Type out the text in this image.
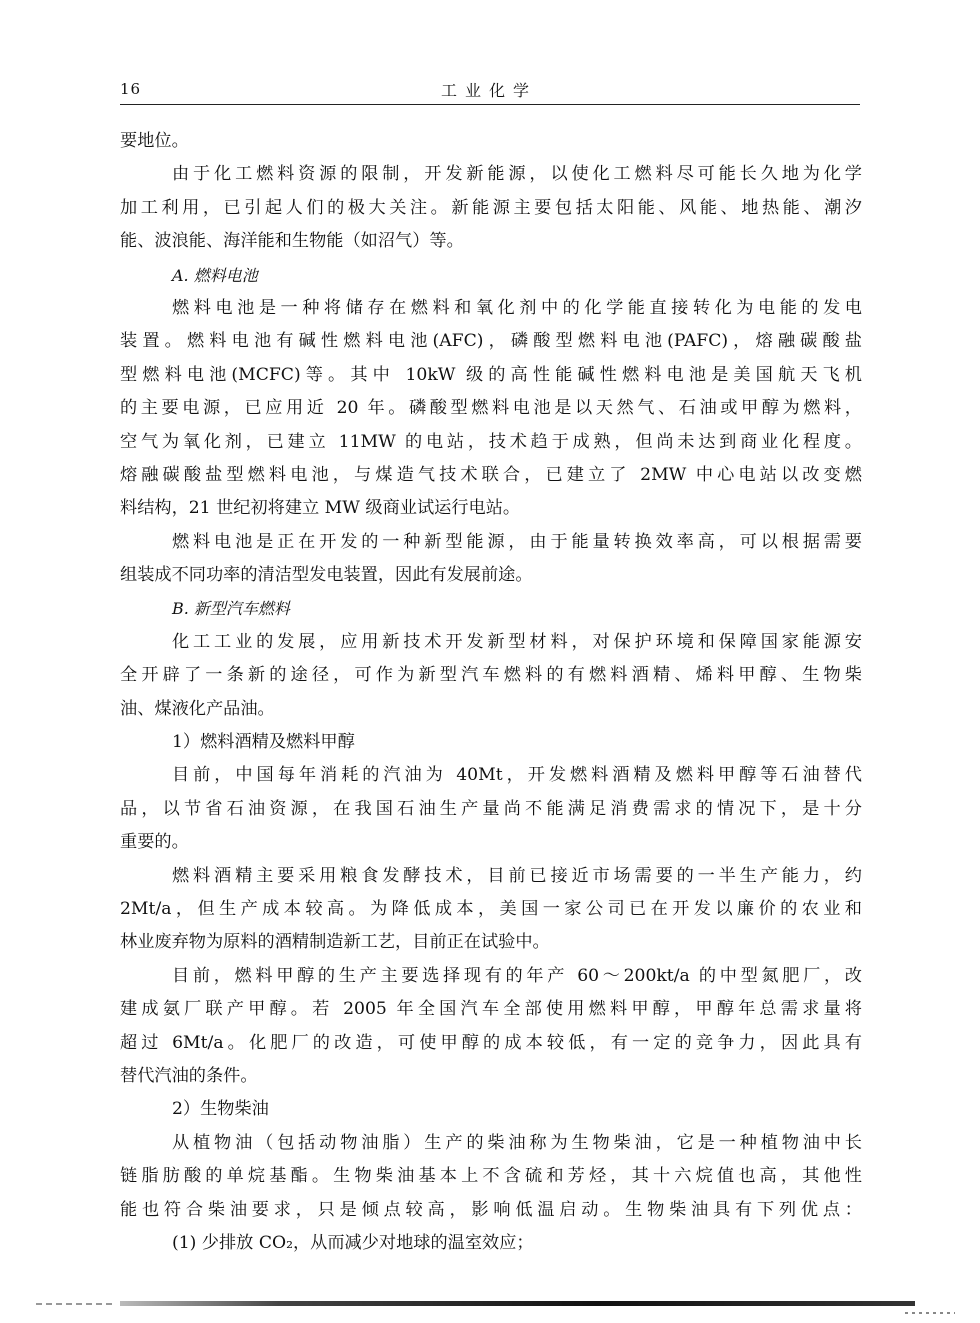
16	工业化学
要地位。
由于化工燃料资源的限制，开发新能源，以使化工燃料尽可能长久地为化学
加工利用，已引起人们的极大关注。新能源主要包括太阳能、风能、地热能、潮汐
能、波浪能、海洋能和生物能（如沼气）等。
A. 燃料电池
燃料电池是一种将储存在燃料和氧化剂中的化学能直接转化为电能的发电
装置。燃料电池有碱性燃料电池(AFC)，磷酸型燃料电池(PAFC)，熔融碳酸盐
型燃料电池(MCFC)等。其中 10kW 级的高性能碱性燃料电池是美国航天飞机
的主要电源，已应用近 20 年。磷酸型燃料电池是以天然气、石油或甲醇为燃料，
空气为氧化剂，已建立 11MW 的电站，技术趋于成熟，但尚未达到商业化程度。
熔融碳酸盐型燃料电池，与煤造气技术联合，已建立了 2MW 中心电站以改变燃
料结构，21 世纪初将建立 MW 级商业试运行电站。
燃料电池是正在开发的一种新型能源，由于能量转换效率高，可以根据需要
组装成不同功率的清洁型发电装置，因此有发展前途。
B. 新型汽车燃料
化工工业的发展，应用新技术开发新型材料，对保护环境和保障国家能源安
全开辟了一条新的途径，可作为新型汽车燃料的有燃料酒精、烯料甲醇、生物柴
油、煤液化产品油。
1）燃料酒精及燃料甲醇
目前，中国每年消耗的汽油为 40Mt，开发燃料酒精及燃料甲醇等石油替代
品，以节省石油资源，在我国石油生产量尚不能满足消费需求的情况下，是十分
重要的。
燃料酒精主要采用粮食发酵技术，目前已接近市场需要的一半生产能力，约
2Mt/a，但生产成本较高。为降低成本，美国一家公司已在开发以廉价的农业和
林业废弃物为原料的酒精制造新工艺，目前正在试验中。
目前，燃料甲醇的生产主要选择现有的年产 60～200kt/a 的中型氮肥厂，改
建成氨厂联产甲醇。若 2005 年全国汽车全部使用燃料甲醇，甲醇年总需求量将
超过 6Mt/a。化肥厂的改造，可使甲醇的成本较低，有一定的竞争力，因此具有
替代汽油的条件。
2）生物柴油
从植物油（包括动物油脂）生产的柴油称为生物柴油，它是一种植物油中长
链脂肪酸的单烷基酯。生物柴油基本上不含硫和芳烃，其十六烷值也高，其他性
能也符合柴油要求，只是倾点较高，影响低温启动。生物柴油具有下列优点：
(1) 少排放 CO₂，从而减少对地球的温室效应；
